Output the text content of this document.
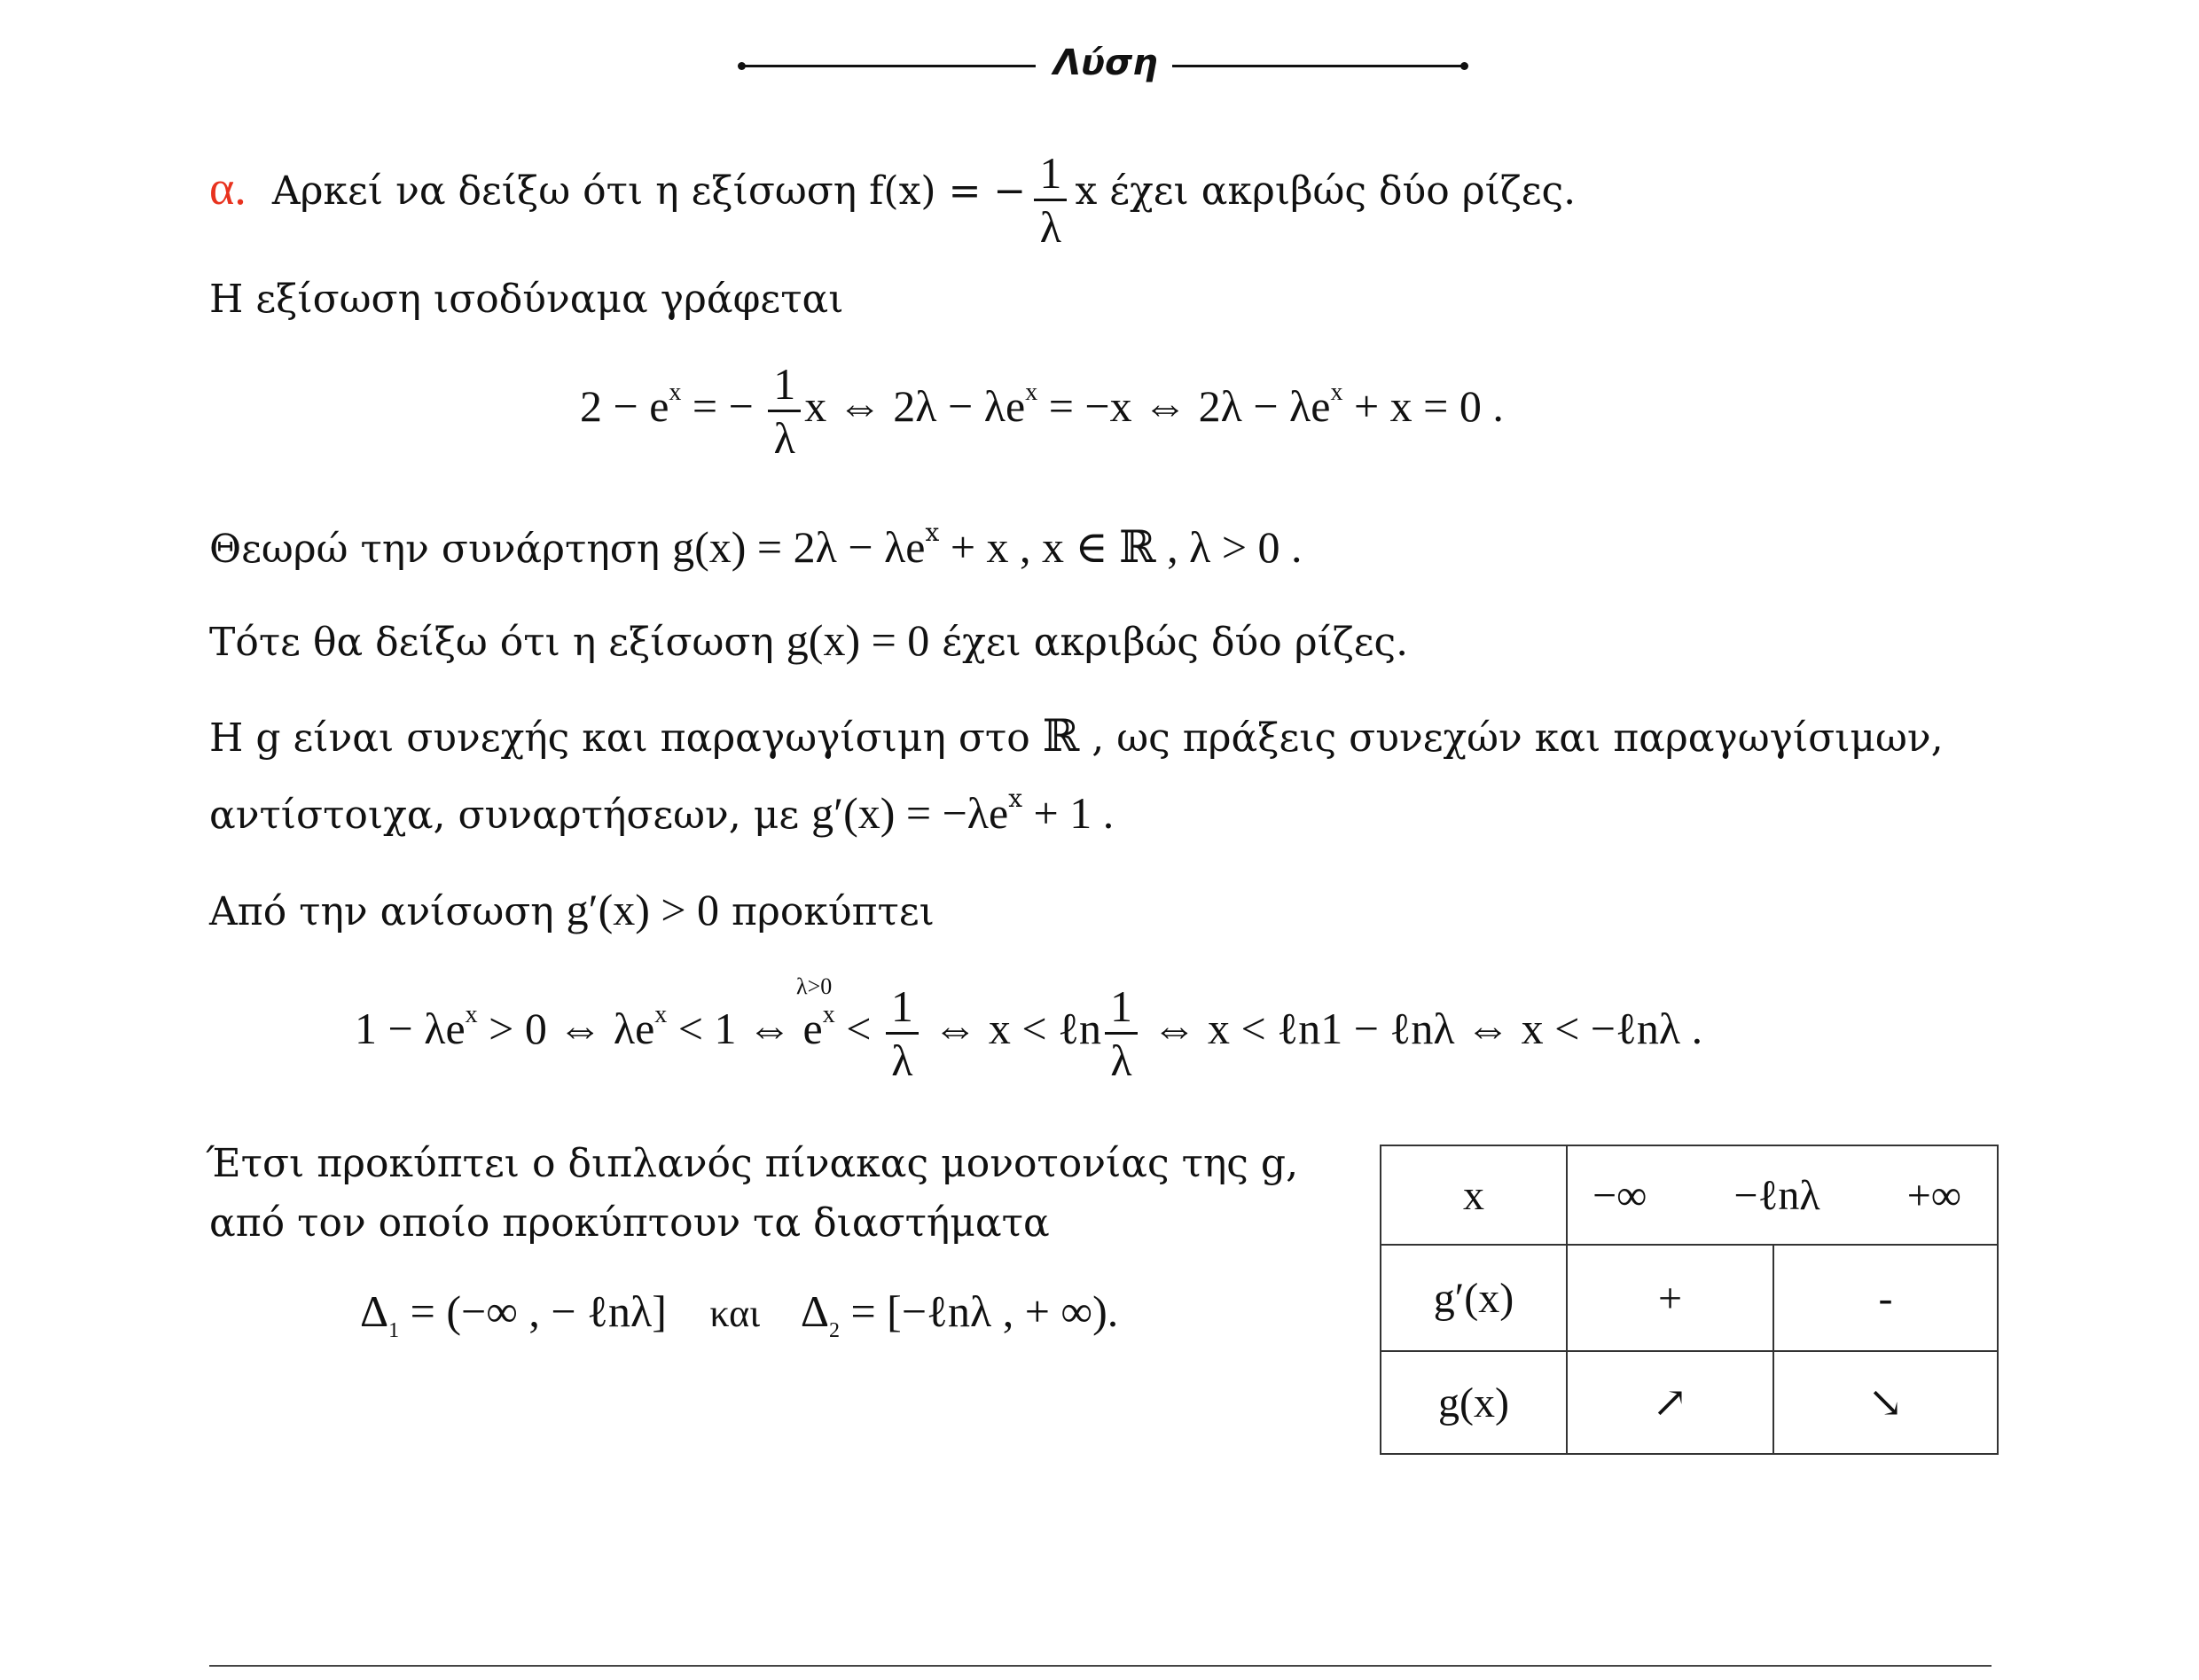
Λύση
α. Αρκεί να δείξω ότι η εξίσωση f(x) = − $\frac{1}{\lambda}$ x έχει ακριβώς δύο ρίζες.
Η εξίσωση ισοδύναμα γράφεται
$2 - e^x$ = − $\frac{1}{\lambda}$ x ⇔ $2\lambda - \lambda e^x = -x$ ⇔ $2\lambda - \lambda e^x + x = 0$ .
Θεωρώ την συνάρτηση $g(x) = 2\lambda - \lambda e^x + x$ , x ∈ ℝ , λ > 0 .
Τότε θα δείξω ότι η εξίσωση g(x) = 0 έχει ακριβώς δύο ρίζες.
Η g είναι συνεχής και παραγωγίσιμη στο ℝ , ως πράξεις συνεχών και παραγωγίσιμων,
αντίστοιχα, συναρτήσεων, με $g'(x) = -\lambda e^x + 1$ .
Από την ανίσωση g′(x) > 0 προκύπτει
λ>0
$1 - \lambda e^x > 0$ ⇔ $\lambda e^x < 1$ ⇔ $e^x < \frac{1}{\lambda}$ ⇔ x < ℓn $\frac{1}{\lambda}$ ⇔ x < ℓn1 − ℓnλ ⇔ x < −ℓnλ .
Έτσι προκύπτει ο διπλανός πίνακας μονοτονίας της g,
από τον οποίο προκύπτουν τα διαστήματα
$\Delta_1$ = (−∞ , − ℓnλ] και $\Delta_2$ = [−ℓnλ , + ∞).
x	−∞ −ℓnλ +∞	

g′(x)	+	-
g(x)	↗	↘
